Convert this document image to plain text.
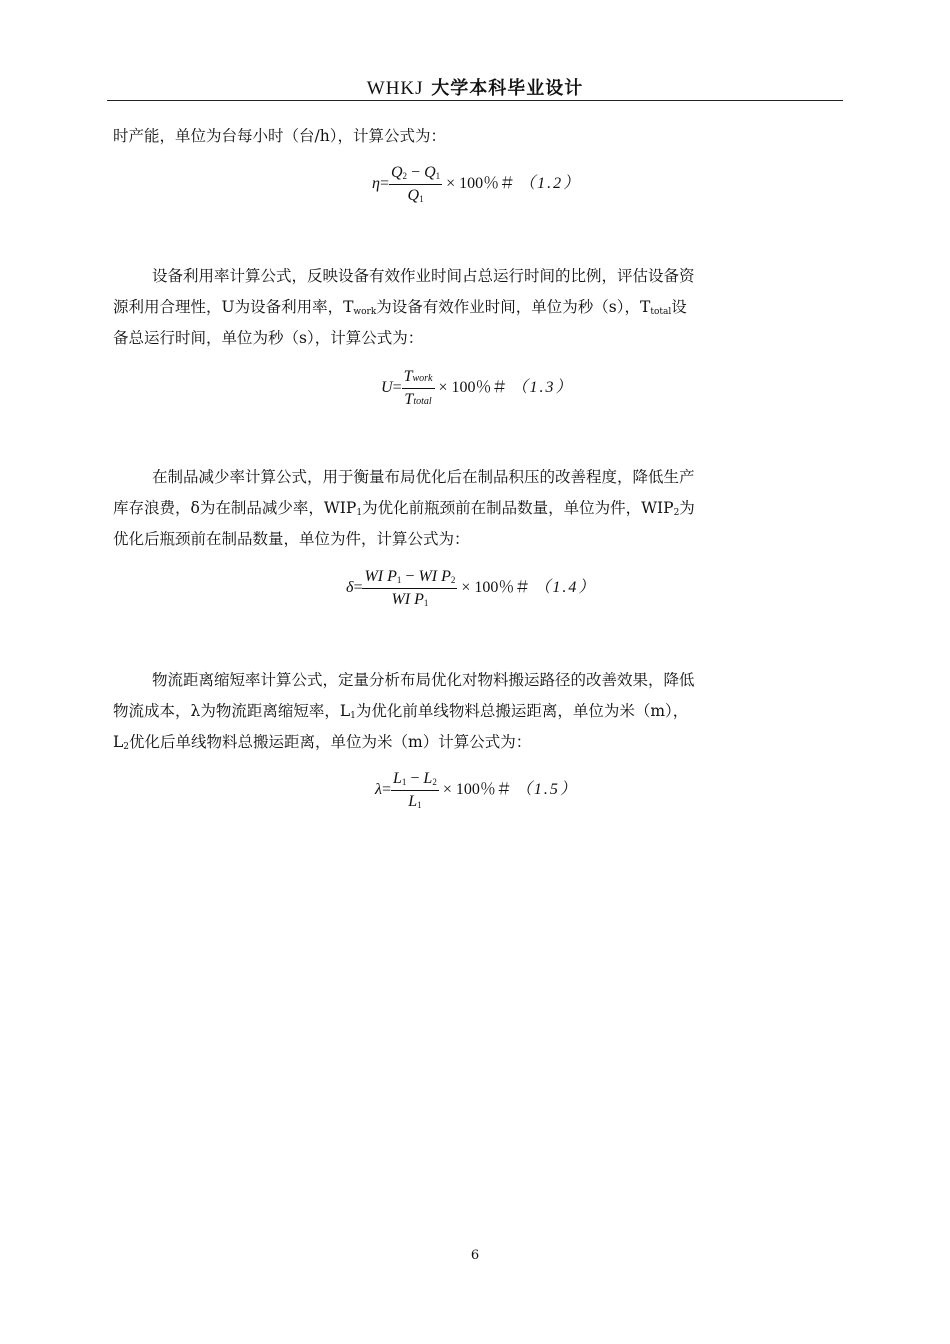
WHKJ 大学本科毕业设计
时产能，单位为台每小时（台/h），计算公式为：
$\eta= \frac{Q_2 - Q_1}{Q_1} \times 100$％＃ （1.2）
设备利用率计算公式，反映设备有效作业时间占总运行时间的比例，评估设备资
源利用合理性，U为设备利用率，$T_{work}$为设备有效作业时间，单位为秒（s），$T_{total}$设
备总运行时间，单位为秒（s），计算公式为：
$U= \frac{\text{Twork}}{\text{Ttotal}} \times 100$％＃ （1.3）
在制品减少率计算公式，用于衡量布局优化后在制品积压的改善程度，降低生产
库存浪费，δ为在制品减少率，$WIP_1$为优化前瓶颈前在制品数量，单位为件，$WIP_2$为
优化后瓶颈前在制品数量，单位为件，计算公式为：
$\delta= \frac{WI P_1 - WI P_2}{WI P_1} \times 100$％＃ （1.4）
物流距离缩短率计算公式，定量分析布局优化对物料搬运路径的改善效果，降低
物流成本，λ为物流距离缩短率，$L_1$为优化前单线物料总搬运距离，单位为米（m），
$L_2$优化后单线物料总搬运距离，单位为米（m）计算公式为：
$\lambda= \frac{L_1 - L_2}{L_1} \times 100$％＃ （1.5）
6
